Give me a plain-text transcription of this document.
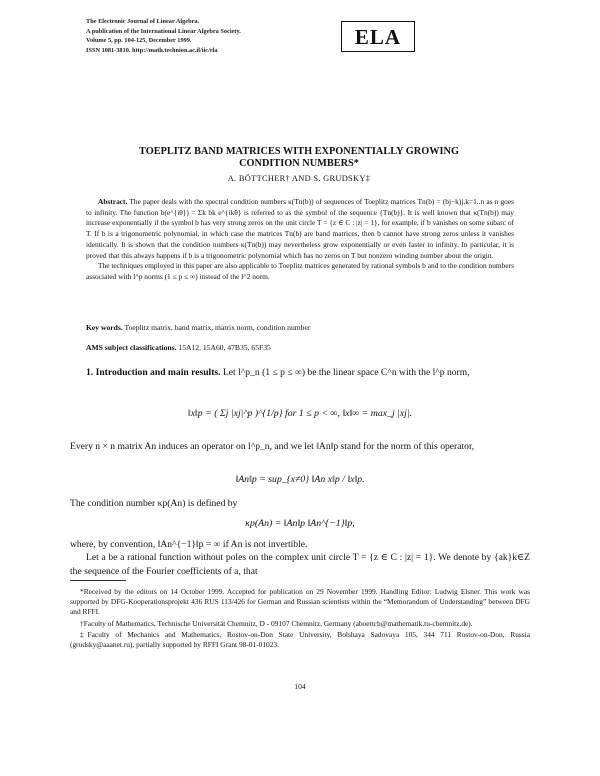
The Electronic Journal of Linear Algebra.
A publication of the International Linear Algebra Society.
Volume 5, pp. 104-125, December 1999.
ISSN 1081-3810. http://math.technion.ac.il/iic/ela
ELA
TOEPLITZ BAND MATRICES WITH EXPONENTIALLY GROWING
CONDITION NUMBERS*
A. BÖTTCHER† AND S. GRUDSKY‡

Abstract. The paper deals with the spectral condition numbers κ(Tn(b)) of sequences of Toeplitz matrices Tn(b) = (bj−k)j,k=1..n as n goes to infinity. The function b(e^{iθ}) = Σk bk e^{ikθ} is referred to as the symbol of the sequence {Tn(b)}. It is well known that κ(Tn(b)) may increase exponentially if the symbol b has very strong zeros on the unit circle T = {z ∈ C : |z| = 1}, for example, if b vanishes on some subarc of T. If b is a trigonometric polynomial, in which case the matrices Tn(b) are band matrices, then b cannot have strong zeros unless it vanishes identically. It is shown that the condition numbers κ(Tn(b)) may nevertheless grow exponentially or even faster to infinity. In particular, it is proved that this always happens if b is a trigonometric polynomial which has no zeros on T but nonzero winding number about the origin.

The techniques employed in this paper are also applicable to Toeplitz matrices generated by rational symbols b and to the condition numbers associated with l^p norms (1 ≤ p ≤ ∞) instead of the l^2 norm.

Key words. Toeplitz matrix, band matrix, matrix norm, condition number
AMS subject classifications. 15A12, 15A60, 47B35, 65F35

1. Introduction and main results. Let l^p_n (1 ≤ p ≤ ∞) be the linear space C^n with the l^p norm,

‖x‖p = ( Σj |xj|^p )^{1/p} for 1 ≤ p < ∞, ‖x‖∞ = max_j |xj|.
Every n × n matrix An induces an operator on l^p_n, and we let ‖An‖p stand for the norm of this operator,
‖An‖p = sup_{x≠0} ‖An x‖p / ‖x‖p.
The condition number κp(An) is defined by
κp(An) = ‖An‖p ‖An^{−1}‖p,
where, by convention, ‖An^{−1}‖p = ∞ if An is not invertible.

Let a be a rational function without poles on the complex unit circle T = {z ∈ C : |z| = 1}. We denote by {ak}k∈Z the sequence of the Fourier coefficients of a, that

*Received by the editors on 14 October 1999. Accepted for publication on 29 November 1999. Handling Editor: Ludwig Elsner. This work was supported by DFG-Kooperationsprojekt 436 RUS 113/426 for German and Russian scientists within the “Memorandum of Understanding” between DFG and RFFI.

†Faculty of Mathematics, Technische Universität Chemnitz, D - 09107 Chemnitz, Germany (aboettch@mathematik.tu-chemnitz.de).

‡Faculty of Mechanics and Mathematics, Rostov-on-Don State University, Bolshaya Sadovaya 105, 344 711 Rostov-on-Don, Russia (grudsky@aaanet.ru), partially supported by RFFI Grant 98-01-01023.

104
